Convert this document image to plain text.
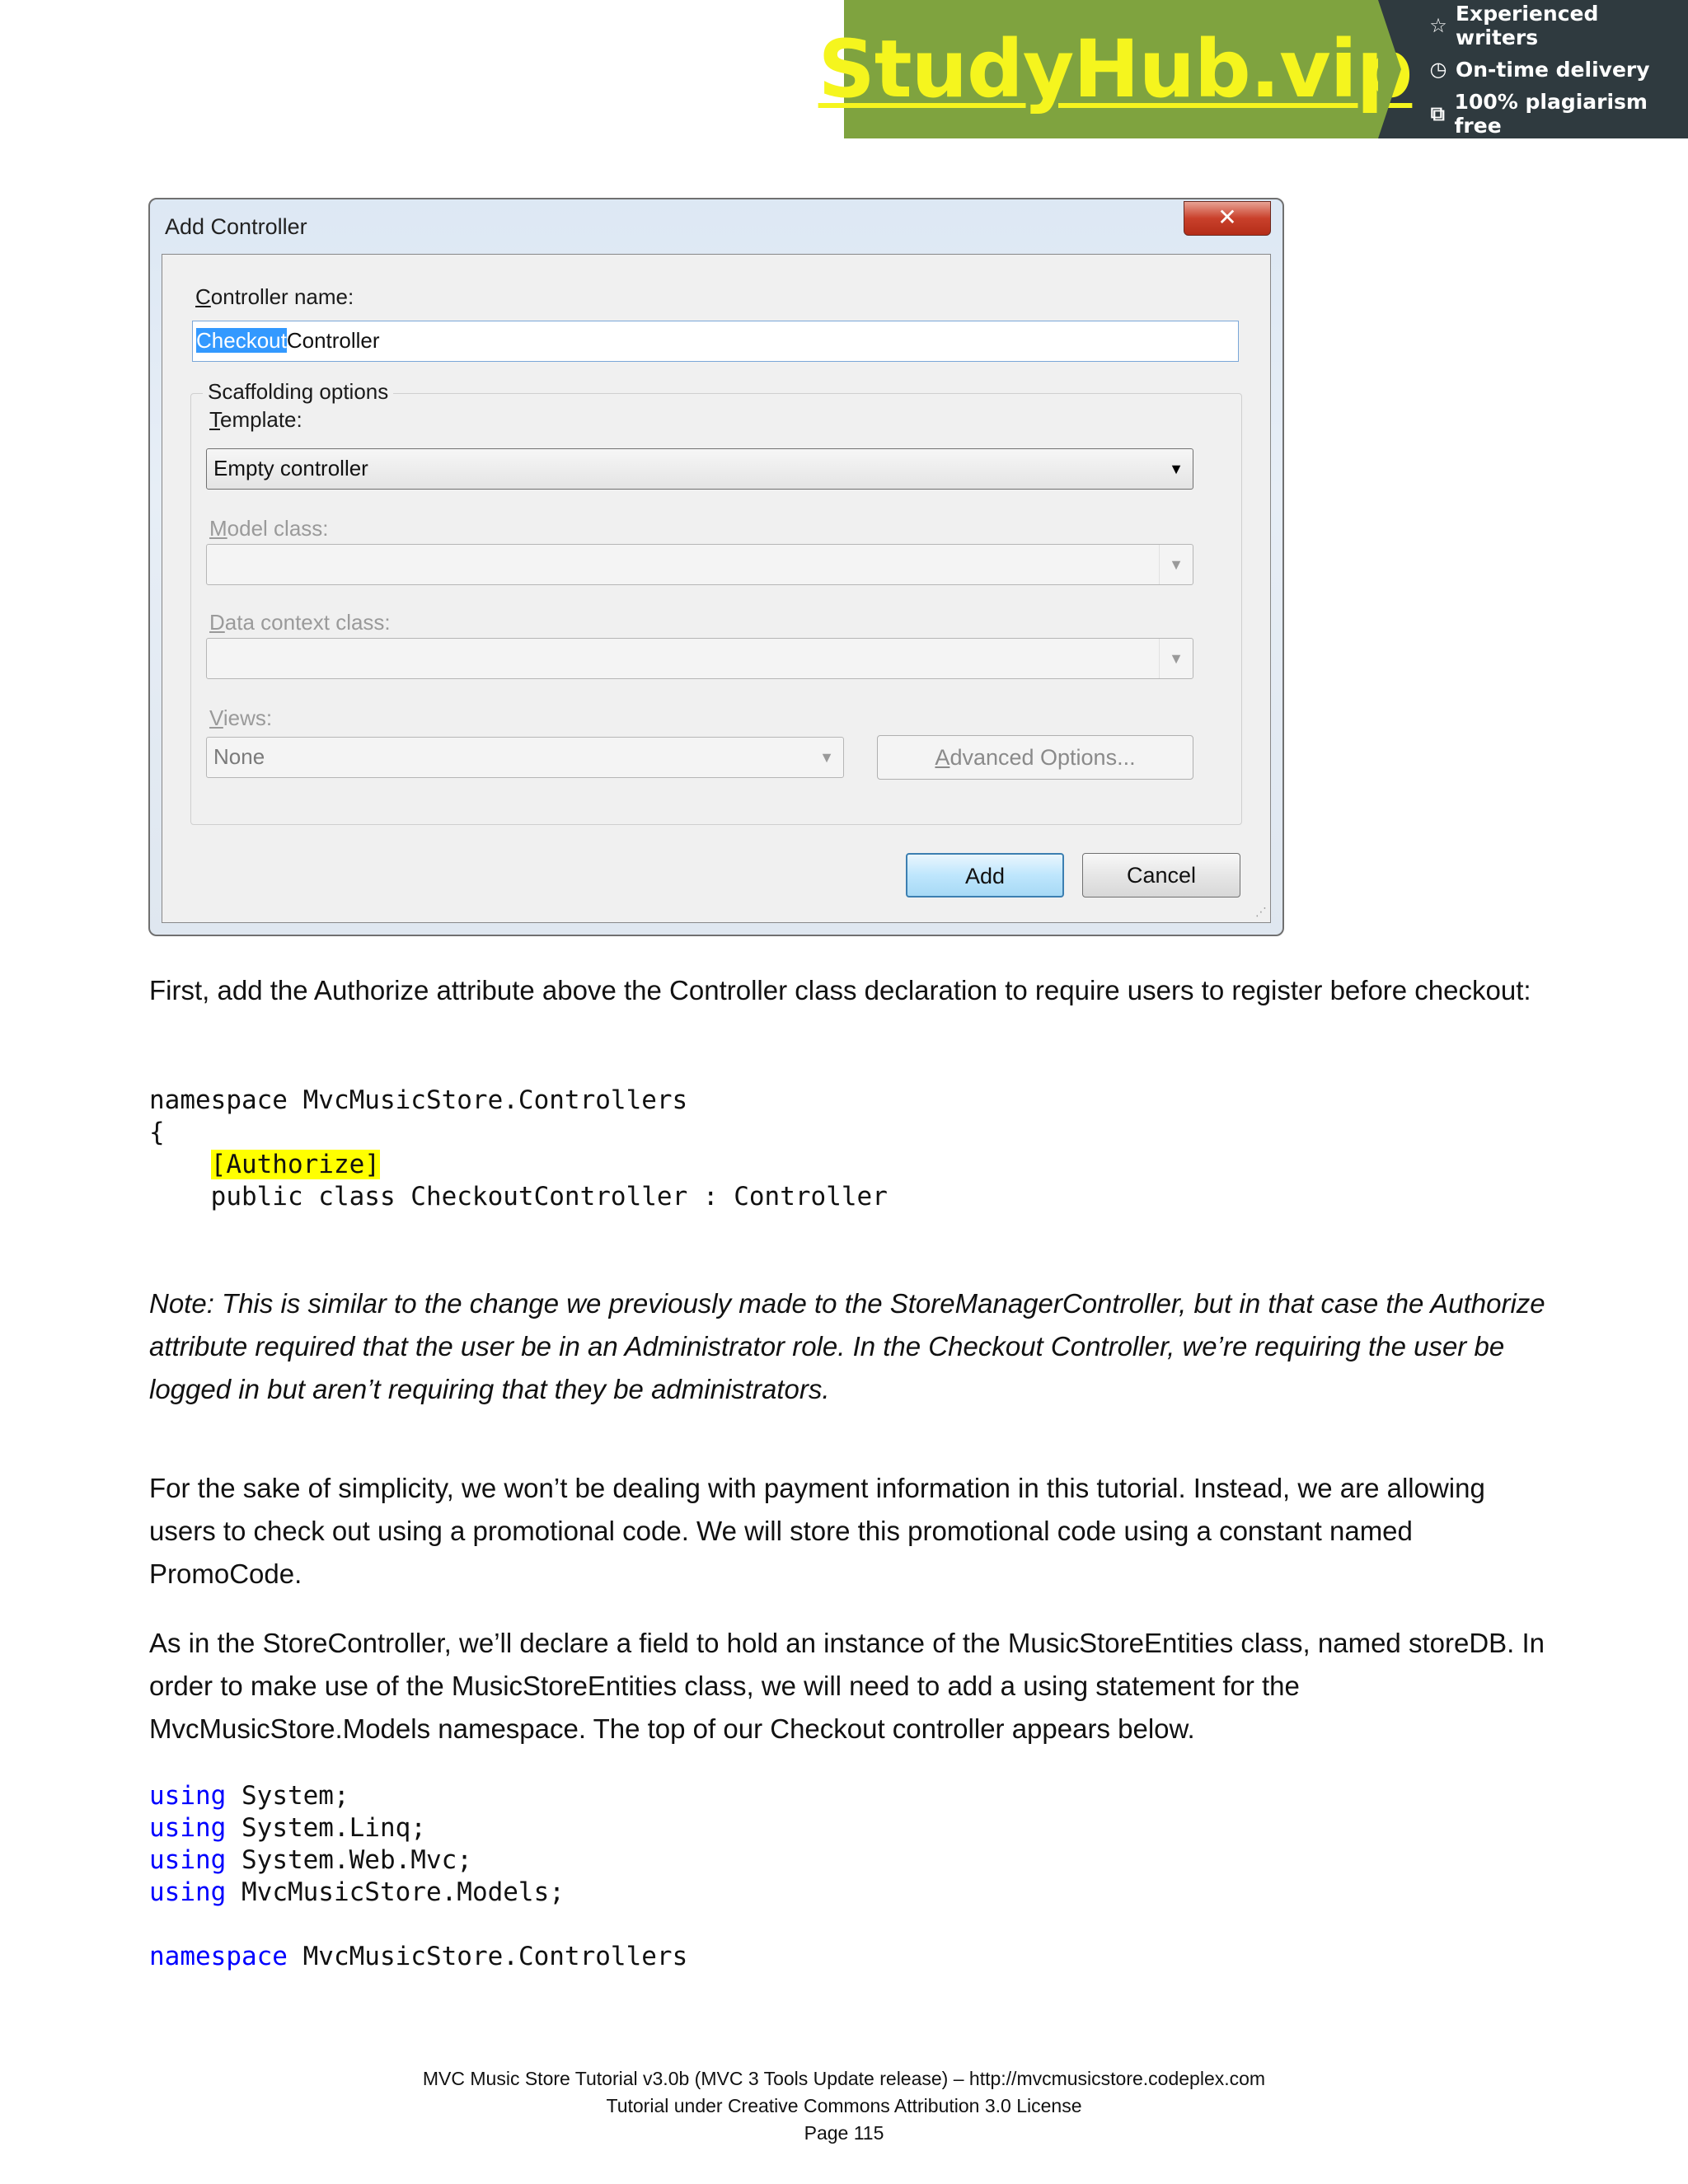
StudyHub.vip ☆ Experienced writers
◷ On-time delivery
⧉ 100% plagiarism free
Add Controller	✕
Controller name:
CheckoutController
Scaffolding options
Template:
Empty controller	▼
Model class:
▼
Data context class:
▼
Views:
None	▼	Advanced Options...
Add	Cancel
⋰

First, add the Authorize attribute above the Controller class declaration to require users to register before checkout:

namespace MvcMusicStore.Controllers
{
[Authorize]
public class CheckoutController : Controller

Note: This is similar to the change we previously made to the StoreManagerController, but in that case the Authorize attribute required that the user be in an Administrator role. In the Checkout Controller, we’re requiring the user be logged in but aren’t requiring that they be administrators.

For the sake of simplicity, we won’t be dealing with payment information in this tutorial. Instead, we are allowing users to check out using a promotional code. We will store this promotional code using a constant named PromoCode.

As in the StoreController, we’ll declare a field to hold an instance of the MusicStoreEntities class, named storeDB. In order to make use of the MusicStoreEntities class, we will need to add a using statement for the MvcMusicStore.Models namespace. The top of our Checkout controller appears below.

using System;
using System.Linq;
using System.Web.Mvc;
using MvcMusicStore.Models;

namespace MvcMusicStore.Controllers
MVC Music Store Tutorial v3.0b (MVC 3 Tools Update release) – http://mvcmusicstore.codeplex.com
Tutorial under Creative Commons Attribution 3.0 License
Page 115
